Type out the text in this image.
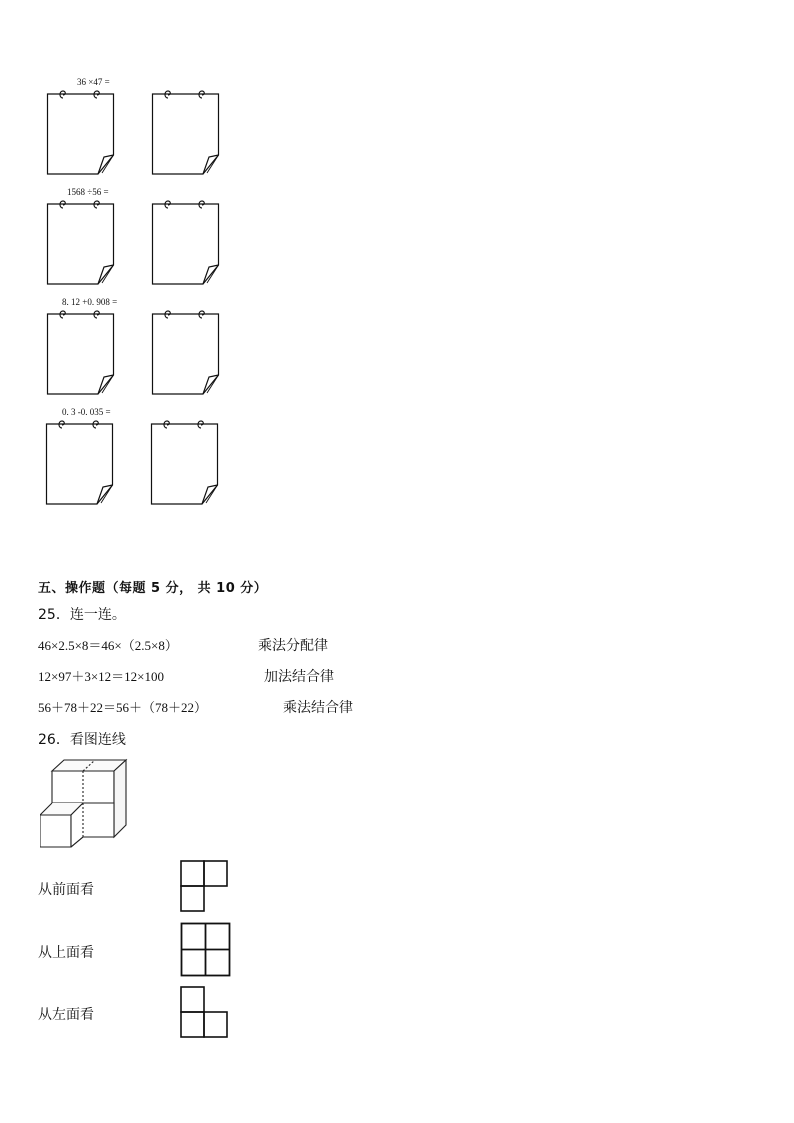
36 ×47 =
1568 ÷56 =
8. 12 +0. 908 =
0. 3 -0. 035 =
五、操作题（每题 5 分， 共 10 分）
25．连一连。
46×2.5×8＝46×（2.5×8）
12×97＋3×12＝12×100
56＋78＋22＝56＋（78＋22）
乘法分配律
加法结合律
乘法结合律
26．看图连线
从前面看
从上面看
从左面看
